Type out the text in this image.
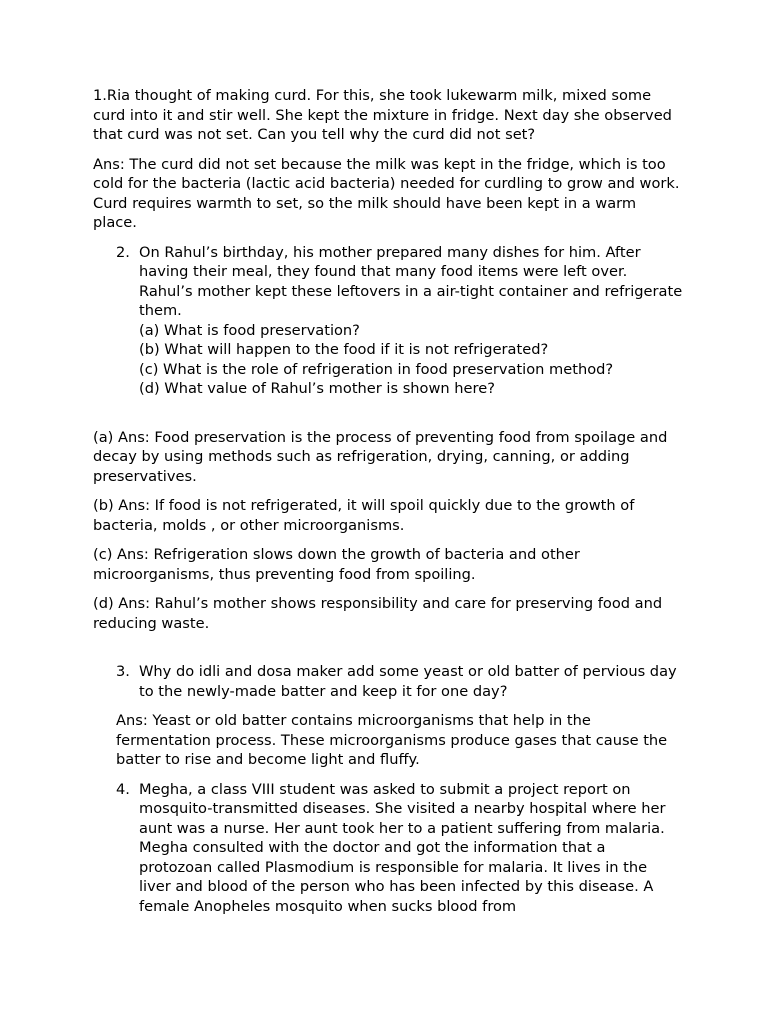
1.Ria thought of making curd. For this, she took lukewarm milk, mixed some curd into it and stir well. She kept the mixture in fridge. Next day she observed that curd was not set. Can you tell why the curd did not set?

Ans: The curd did not set because the milk was kept in the fridge, which is too cold for the bacteria (lactic acid bacteria) needed for curdling to grow and work. Curd requires warmth to set, so the milk should have been kept in a warm place.

2. On Rahul’s birthday, his mother prepared many dishes for him. After having their meal, they found that many food items were left over. Rahul’s mother kept these leftovers in a air-tight container and refrigerate them.

(a) What is food preservation?

(b) What will happen to the food if it is not refrigerated?

(c) What is the role of refrigeration in food preservation method?

(d) What value of Rahul’s mother is shown here?

(a) Ans: Food preservation is the process of preventing food from spoilage and decay by using methods such as refrigeration, drying, canning, or adding preservatives.

(b) Ans: If food is not refrigerated, it will spoil quickly due to the growth of bacteria, molds , or other microorganisms.

(c) Ans: Refrigeration slows down the growth of bacteria and other microorganisms, thus preventing food from spoiling.

(d) Ans: Rahul’s mother shows responsibility and care for preserving food and reducing waste.

3. Why do idli and dosa maker add some yeast or old batter of pervious day to the newly-made batter and keep it for one day?

Ans: Yeast or old batter contains microorganisms that help in the fermentation process. These microorganisms produce gases that cause the batter to rise and become light and fluffy.

4. Megha, a class VIII student was asked to submit a project report on mosquito-transmitted diseases. She visited a nearby hospital where her aunt was a nurse. Her aunt took her to a patient suffering from malaria. Megha consulted with the doctor and got the information that a protozoan called Plasmodium is responsible for malaria. It lives in the liver and blood of the person who has been infected by this disease. A female Anopheles mosquito when sucks blood from
